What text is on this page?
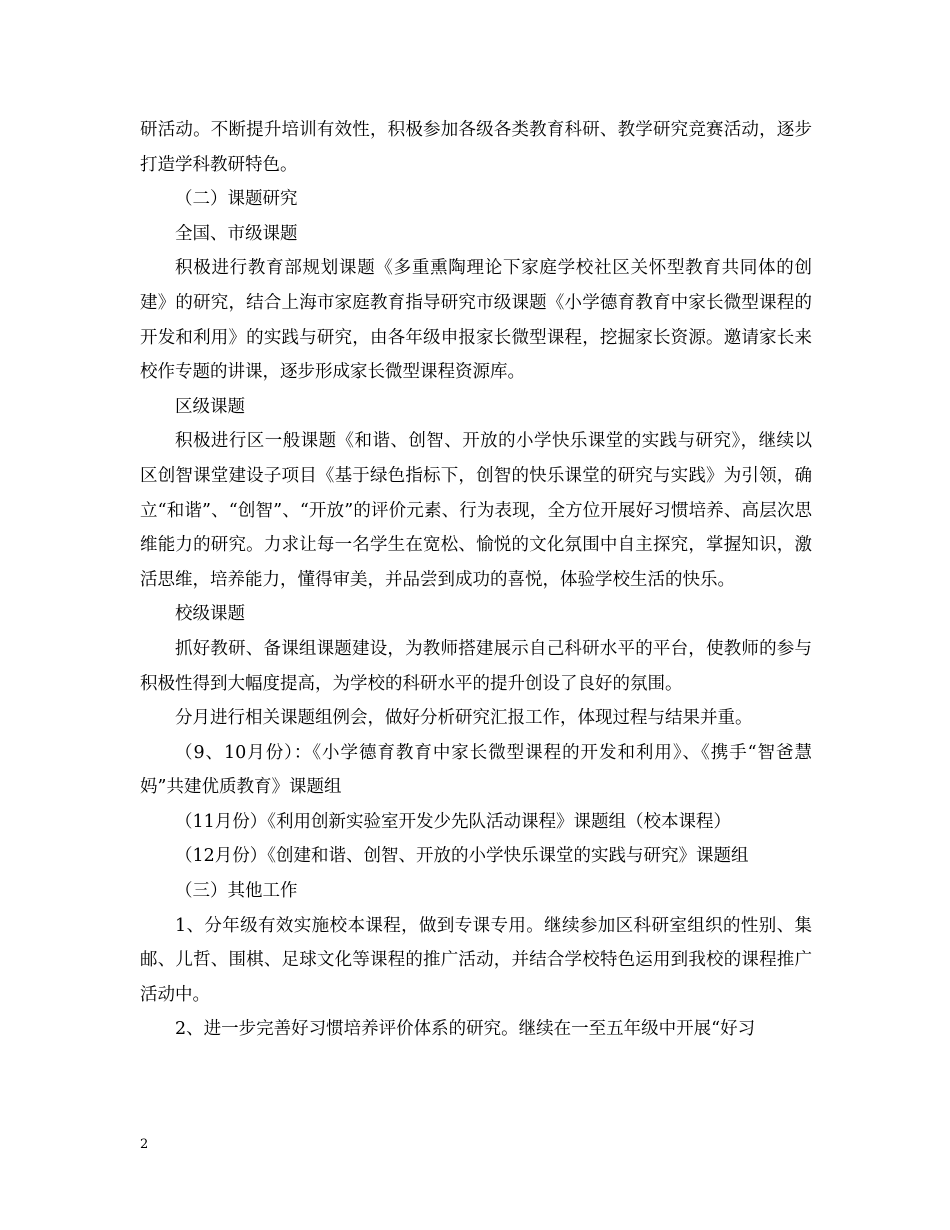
研活动。不断提升培训有效性，积极参加各级各类教育科研、教学研究竞赛活动，逐步打造学科教研特色。

（二）课题研究

全国、市级课题

积极进行教育部规划课题《多重熏陶理论下家庭学校社区关怀型教育共同体的创建》的研究，结合上海市家庭教育指导研究市级课题《小学德育教育中家长微型课程的开发和利用》的实践与研究，由各年级申报家长微型课程，挖掘家长资源。邀请家长来校作专题的讲课，逐步形成家长微型课程资源库。

区级课题

积极进行区一般课题《和谐、创智、开放的小学快乐课堂的实践与研究》，继续以区创智课堂建设子项目《基于绿色指标下，创智的快乐课堂的研究与实践》为引领，确立“和谐”、“创智”、“开放”的评价元素、行为表现，全方位开展好习惯培养、高层次思维能力的研究。力求让每一名学生在宽松、愉悦的文化氛围中自主探究，掌握知识，激活思维，培养能力，懂得审美，并品尝到成功的喜悦，体验学校生活的快乐。

校级课题

抓好教研、备课组课题建设，为教师搭建展示自己科研水平的平台，使教师的参与积极性得到大幅度提高，为学校的科研水平的提升创设了良好的氛围。

分月进行相关课题组例会，做好分析研究汇报工作，体现过程与结果并重。

（9、10月份）：《小学德育教育中家长微型课程的开发和利用》、《携手“智爸慧妈”共建优质教育》课题组

（11月份）《利用创新实验室开发少先队活动课程》课题组（校本课程）

（12月份）《创建和谐、创智、开放的小学快乐课堂的实践与研究》课题组

（三）其他工作

1、分年级有效实施校本课程，做到专课专用。继续参加区科研室组织的性别、集邮、儿哲、围棋、足球文化等课程的推广活动，并结合学校特色运用到我校的课程推广活动中。

2、进一步完善好习惯培养评价体系的研究。继续在一至五年级中开展“好习

2
